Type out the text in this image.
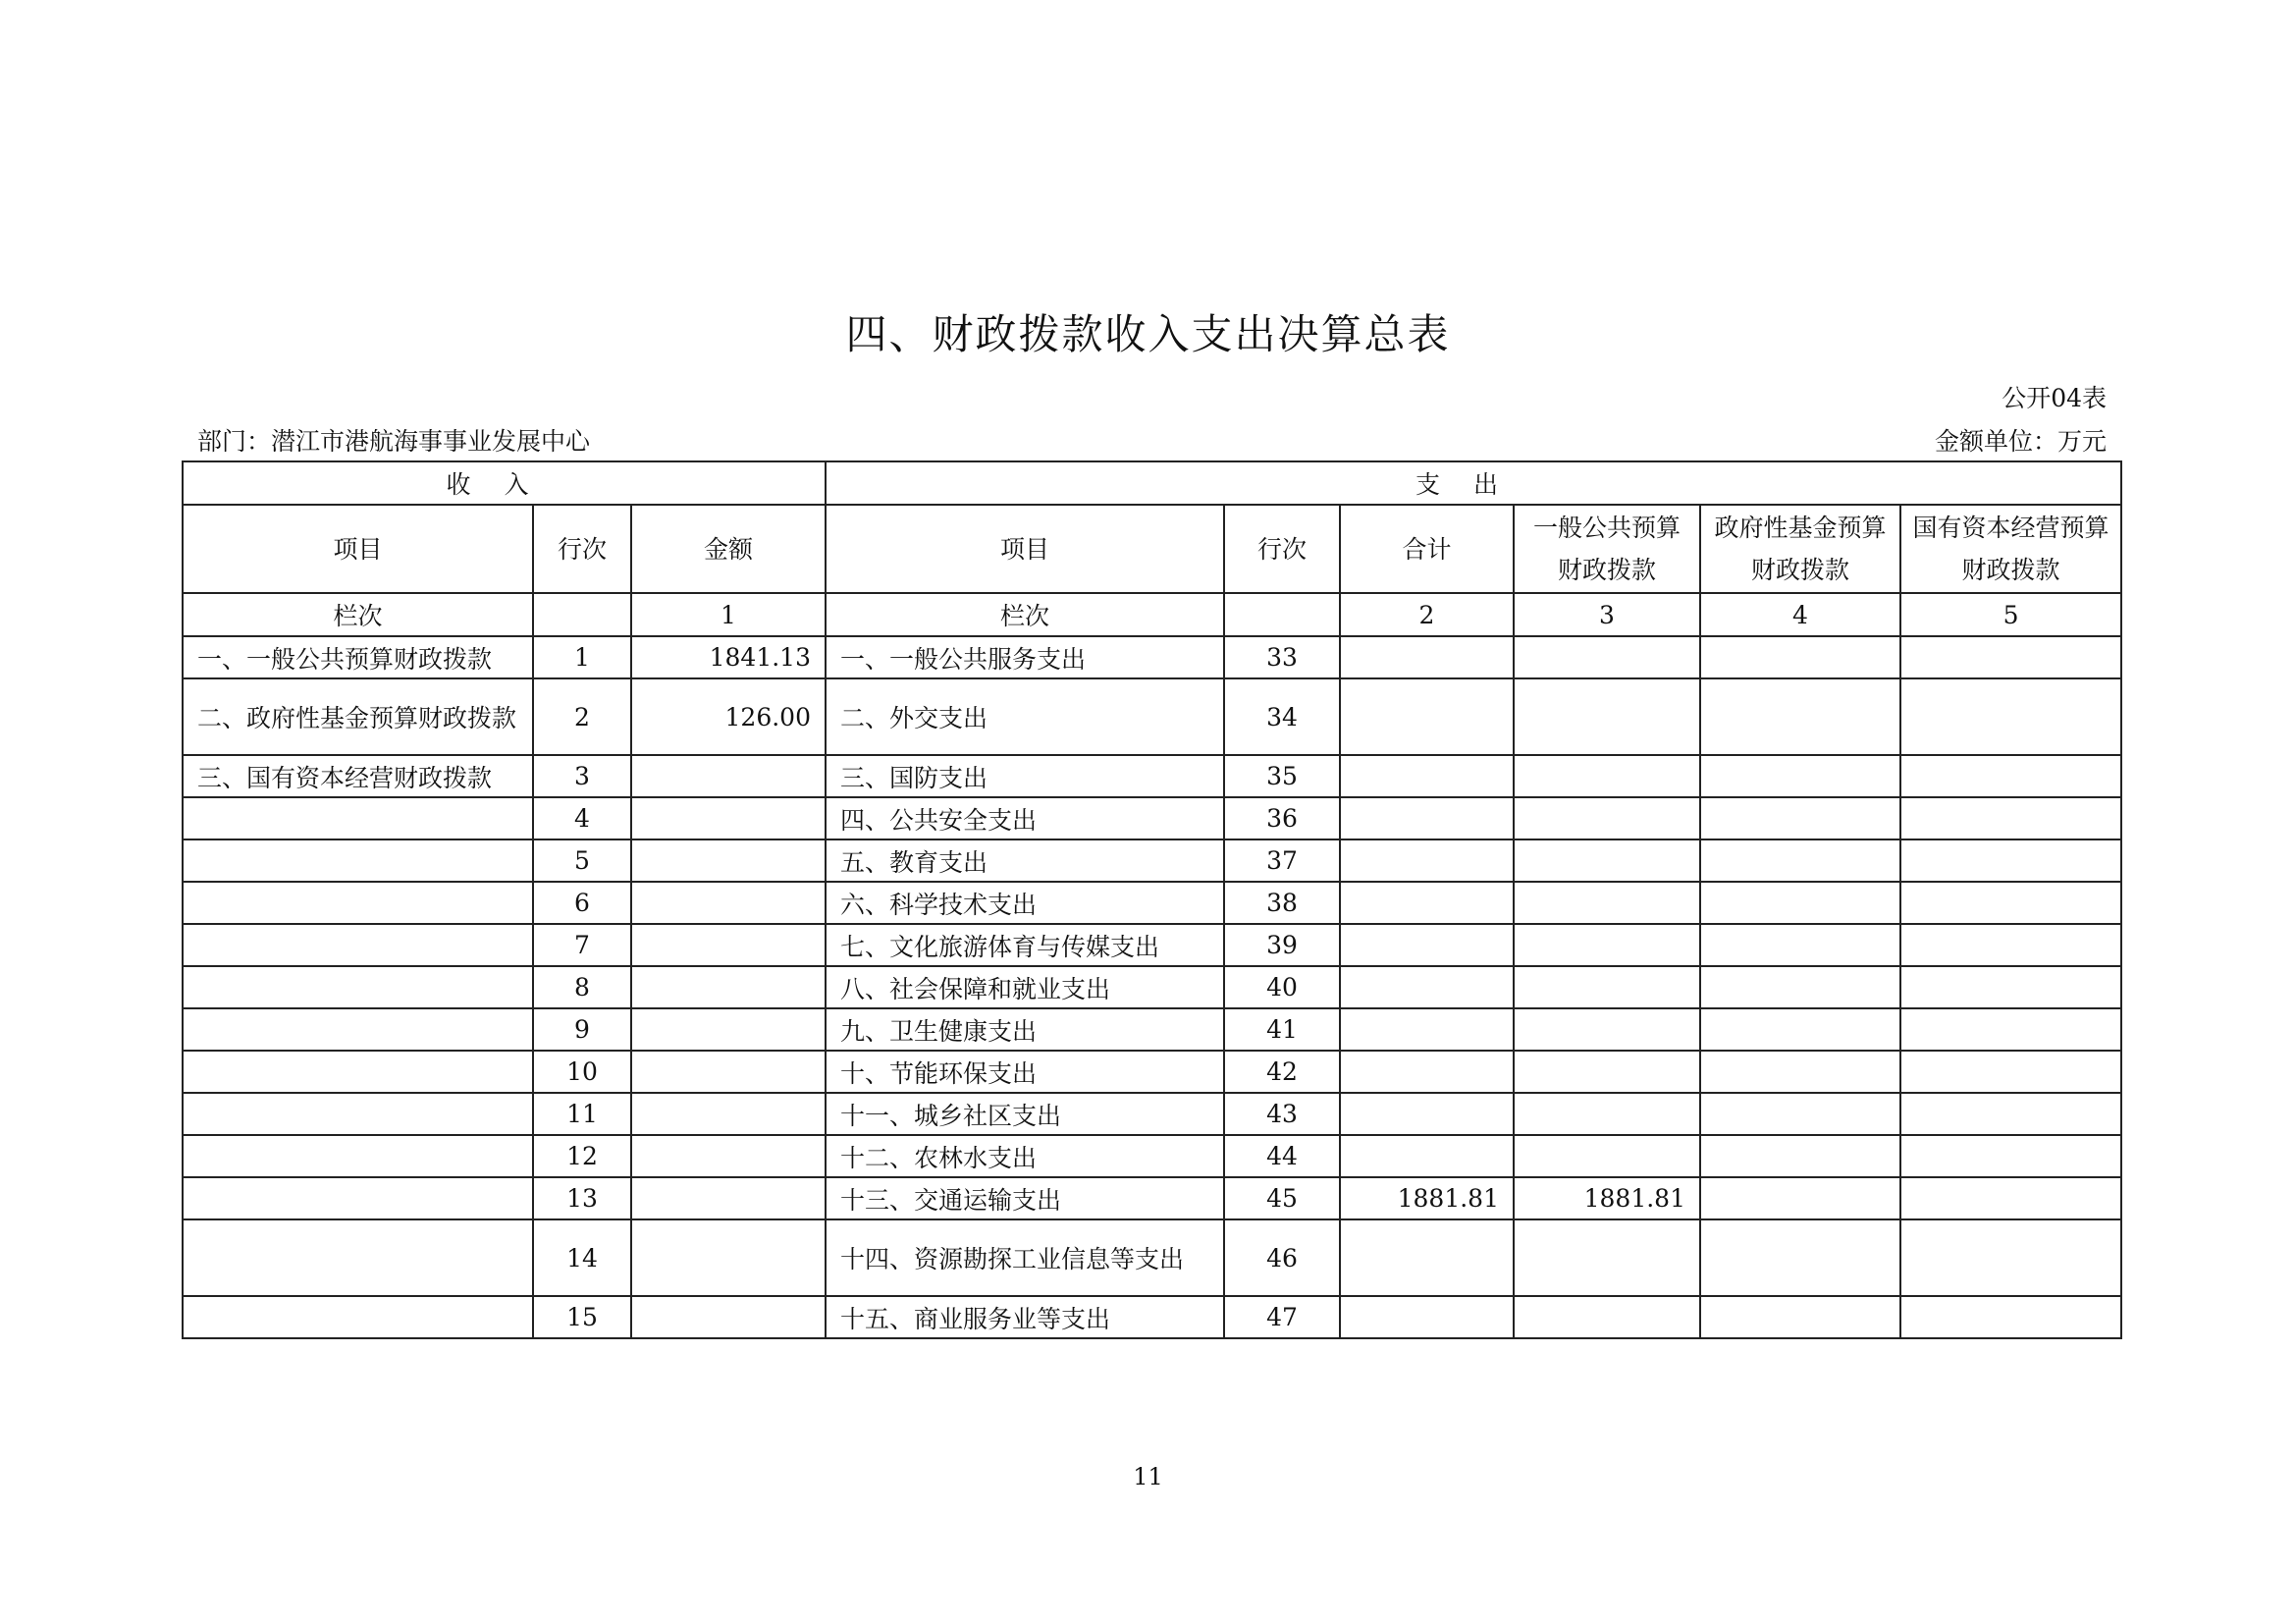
四、财政拨款收入支出决算总表
公开04表
部门：潜江市港航海事事业发展中心	金额单位：万元
收入			支出					
项目	行次	金额	项目	行次	合计	一般公共预算财政拨款	政府性基金预算财政拨款	国有资本经营预算财政拨款
栏次		1	栏次		2	3	4	5
一、一般公共预算财政拨款	1	1841.13	一、一般公共服务支出	33				
二、政府性基金预算财政拨款	2	126.00	二、外交支出	34				
三、国有资本经营财政拨款	3		三、国防支出	35				
	4		四、公共安全支出	36				
	5		五、教育支出	37				
	6		六、科学技术支出	38				
	7		七、文化旅游体育与传媒支出	39				
	8		八、社会保障和就业支出	40				
	9		九、卫生健康支出	41				
	10		十、节能环保支出	42				
	11		十一、城乡社区支出	43				
	12		十二、农林水支出	44				
	13		十三、交通运输支出	45	1881.81	1881.81		
	14		十四、资源勘探工业信息等支出	46				
	15		十五、商业服务业等支出	47				
11
